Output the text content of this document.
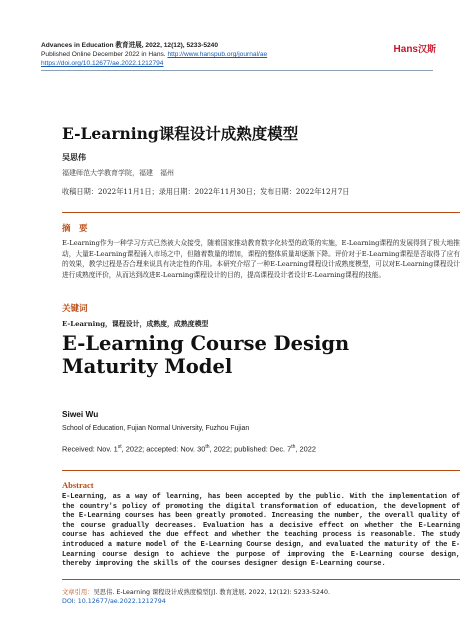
Advances in Education 教育进展, 2022, 12(12), 5233-5240
Published Online December 2022 in Hans. http://www.hanspub.org/journal/ae
https://doi.org/10.12677/ae.2022.1212794
Hans汉斯
E-Learning课程设计成熟度模型
吴思伟
福建师范大学教育学院，福建　福州
收稿日期：2022年11月1日；录用日期：2022年11月30日；发布日期：2022年12月7日
摘　要
E-Learning作为一种学习方式已然被大众接受，随着国家推动教育数字化转型的政策的实施，E-Learning课程的发展得到了极大地推动，大量E-Learning课程涌入市场之中，但随着数量的增加，课程的整体质量却逐渐下降。评价对于E-Learning课程是否取得了应有的效果，教学过程是否合理来说具有决定性的作用。本研究介绍了一种E-Learning课程设计成熟度模型，可以对E-Learning课程设计进行成熟度评价，从而达到改进E-Learning课程设计的目的，提高课程设计者设计E-Learning课程的技能。
关键词
E-Learning，课程设计，成熟度，成熟度模型
E-Learning Course Design Maturity Model
Siwei Wu
School of Education, Fujian Normal University, Fuzhou Fujian
Received: Nov. 1st, 2022; accepted: Nov. 30th, 2022; published: Dec. 7th, 2022
Abstract
E-Learning, as a way of learning, has been accepted by the public. With the implementation of the country's policy of promoting the digital transformation of education, the development of the E-Learning courses has been greatly promoted. Increasing the number, the overall quality of the course gradually decreases. Evaluation has a decisive effect on whether the E-Learning course has achieved the due effect and whether the teaching process is reasonable. The study introduced a mature model of the E-Learning Course design, and evaluated the maturity of the E-Learning course design to achieve the purpose of improving the E-Learning course design, thereby improving the skills of the courses designer design E-Learning course.
文章引用：吴思伟. E-Learning 课程设计成熟度模型[J]. 教育进展, 2022, 12(12): 5233-5240.
DOI: 10.12677/ae.2022.1212794
